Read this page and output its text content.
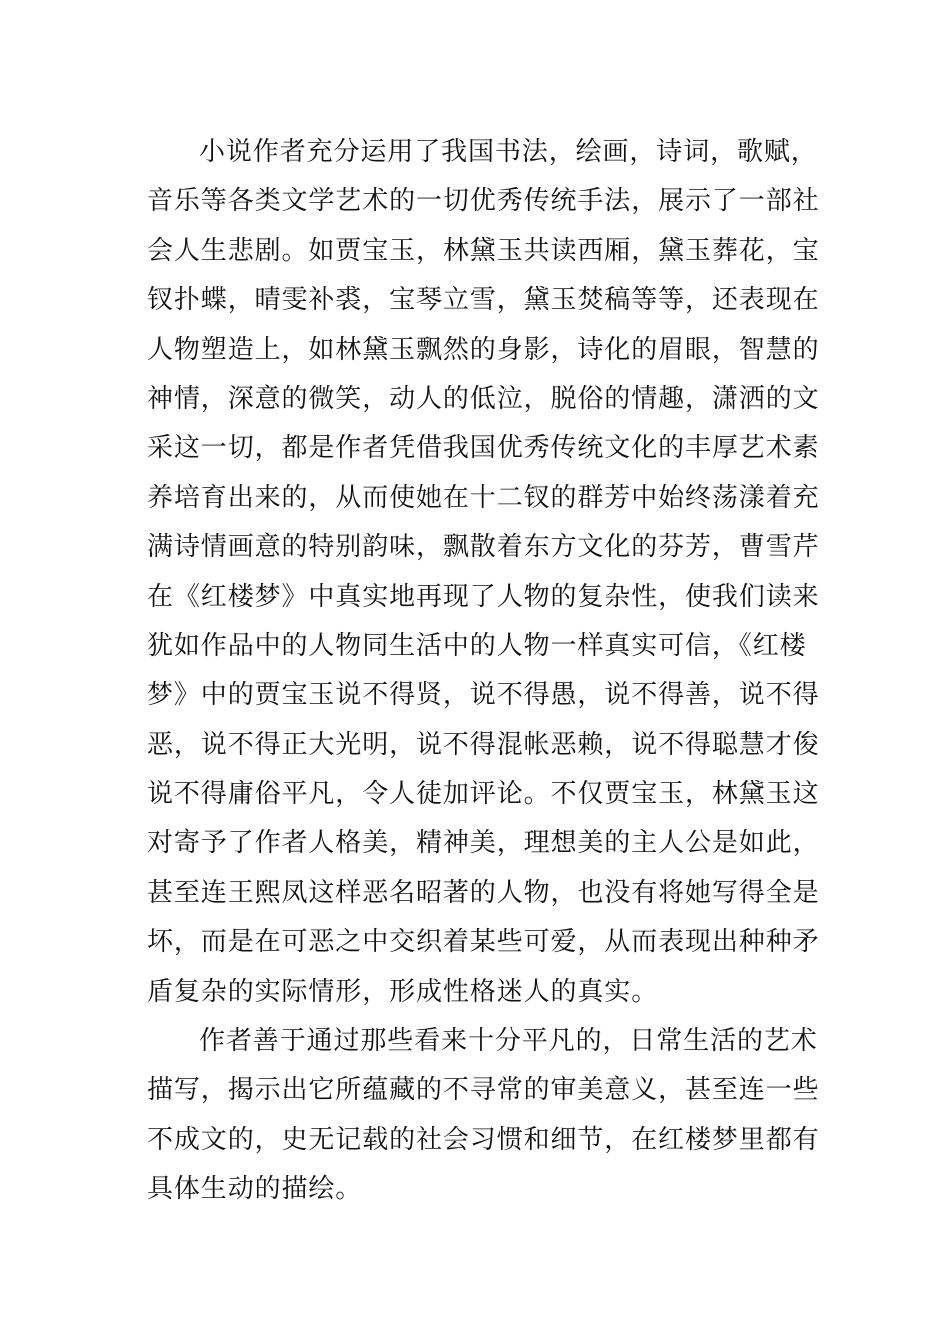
小说作者充分运用了我国书法，绘画，诗词，歌赋，
音乐等各类文学艺术的一切优秀传统手法，展示了一部社
会人生悲剧。如贾宝玉，林黛玉共读西厢，黛玉葬花，宝
钗扑蝶，晴雯补裘，宝琴立雪，黛玉焚稿等等，还表现在
人物塑造上，如林黛玉飘然的身影，诗化的眉眼，智慧的
神情，深意的微笑，动人的低泣，脱俗的情趣，潇洒的文
采这一切，都是作者凭借我国优秀传统文化的丰厚艺术素
养培育出来的，从而使她在十二钗的群芳中始终荡漾着充
满诗情画意的特别韵味，飘散着东方文化的芬芳，曹雪芹
在《红楼梦》中真实地再现了人物的复杂性，使我们读来
犹如作品中的人物同生活中的人物一样真实可信，《红楼
梦》中的贾宝玉说不得贤，说不得愚，说不得善，说不得
恶，说不得正大光明，说不得混帐恶赖，说不得聪慧才俊
说不得庸俗平凡，令人徒加评论。不仅贾宝玉，林黛玉这
对寄予了作者人格美，精神美，理想美的主人公是如此，
甚至连王熙凤这样恶名昭著的人物，也没有将她写得全是
坏，而是在可恶之中交织着某些可爱，从而表现出种种矛
盾复杂的实际情形，形成性格迷人的真实。
作者善于通过那些看来十分平凡的，日常生活的艺术
描写，揭示出它所蕴藏的不寻常的审美意义，甚至连一些
不成文的，史无记载的社会习惯和细节，在红楼梦里都有
具体生动的描绘。
